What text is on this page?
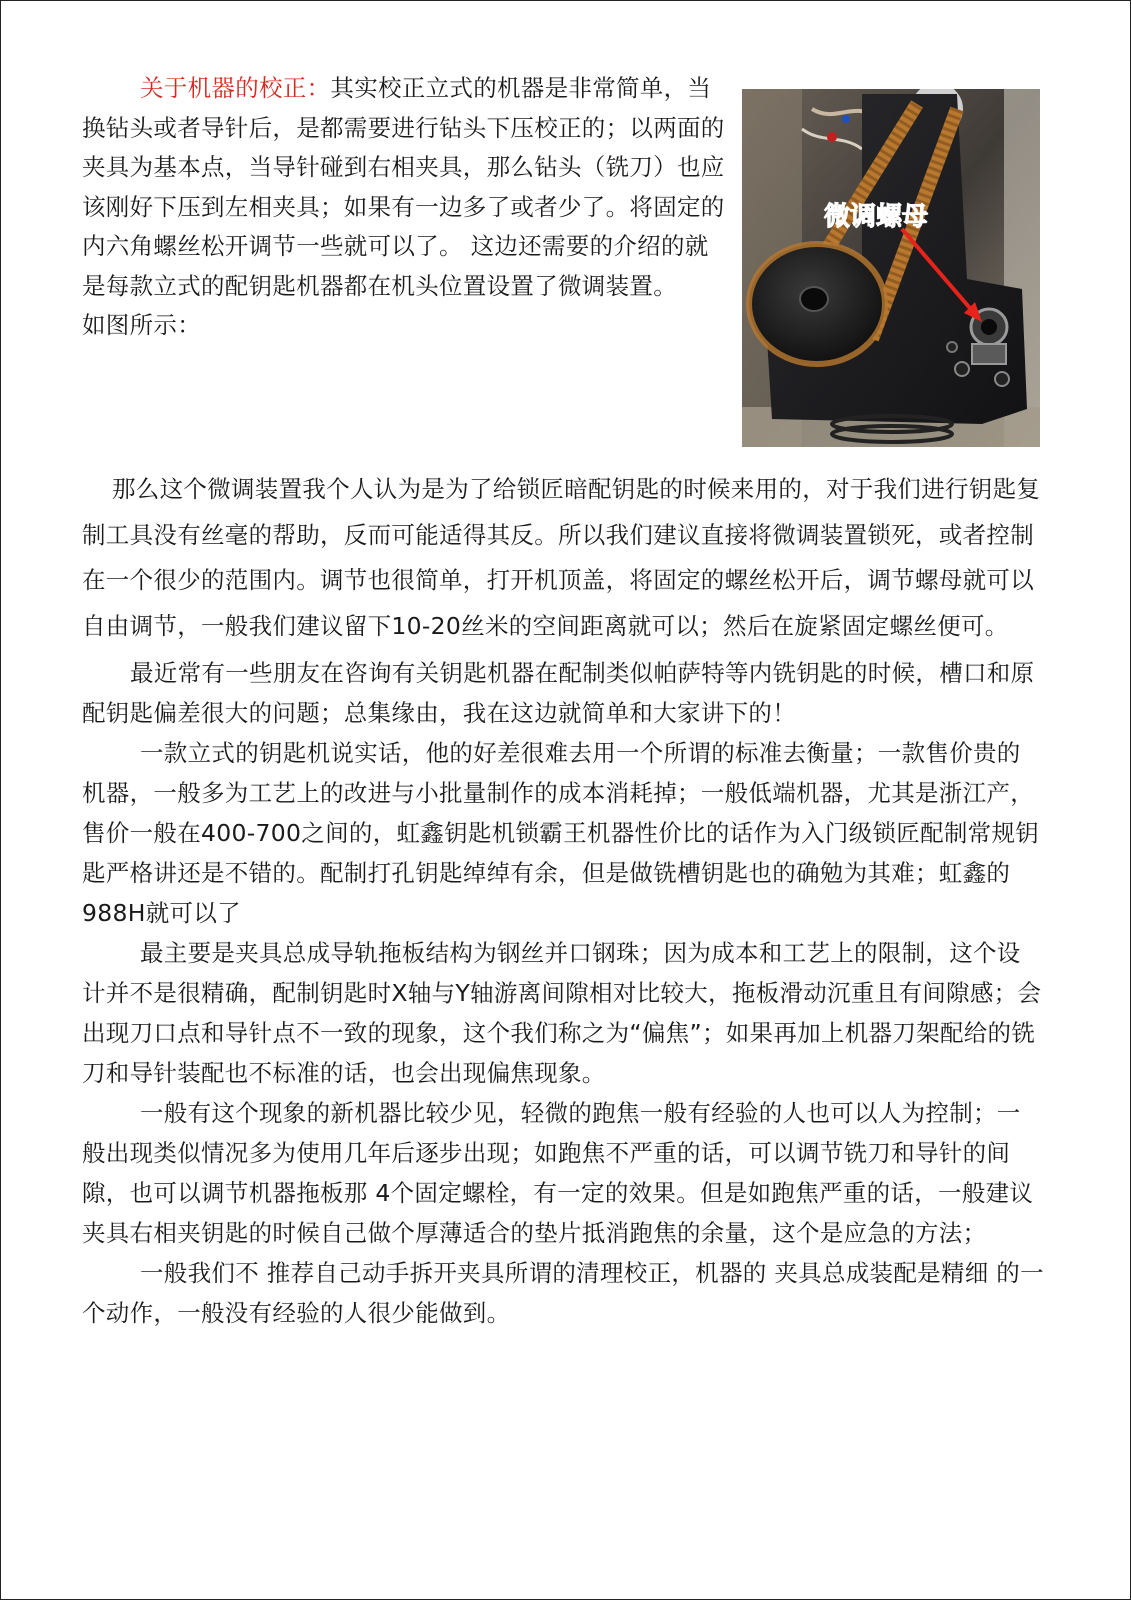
关于机器的校正：其实校正立式的机器是非常简单，当换钻头或者导针后，是都需要进行钻头下压校正的；以两面的夹具为基本点，当导针碰到右相夹具，那么钻头（铣刀）也应该刚好下压到左相夹具；如果有一边多了或者少了。将固定的内六角螺丝松开调节一些就可以了。 这边还需要的介绍的就是每款立式的配钥匙机器都在机头位置设置了微调装置。

如图所示：

微调螺母

那么这个微调装置我个人认为是为了给锁匠暗配钥匙的时候来用的，对于我们进行钥匙复制工具没有丝毫的帮助，反而可能适得其反。所以我们建议直接将微调装置锁死，或者控制在一个很少的范围内。调节也很简单，打开机顶盖，将固定的螺丝松开后，调节螺母就可以自由调节，一般我们建议留下10-20丝米的空间距离就可以；然后在旋紧固定螺丝便可。

最近常有一些朋友在咨询有关钥匙机器在配制类似帕萨特等内铣钥匙的时候，槽口和原配钥匙偏差很大的问题；总集缘由，我在这边就简单和大家讲下的！

一款立式的钥匙机说实话，他的好差很难去用一个所谓的标准去衡量；一款售价贵的机器，一般多为工艺上的改进与小批量制作的成本消耗掉；一般低端机器，尤其是浙江产，售价一般在400-700之间的，虹鑫钥匙机锁霸王机器性价比的话作为入门级锁匠配制常规钥匙严格讲还是不错的。配制打孔钥匙绰绰有余，但是做铣槽钥匙也的确勉为其难；虹鑫的988H就可以了

最主要是夹具总成导轨拖板结构为钢丝并口钢珠；因为成本和工艺上的限制，这个设计并不是很精确，配制钥匙时X轴与Y轴游离间隙相对比较大，拖板滑动沉重且有间隙感；会出现刀口点和导针点不一致的现象，这个我们称之为“偏焦”；如果再加上机器刀架配给的铣刀和导针装配也不标准的话，也会出现偏焦现象。

一般有这个现象的新机器比较少见，轻微的跑焦一般有经验的人也可以人为控制；一般出现类似情况多为使用几年后逐步出现；如跑焦不严重的话，可以调节铣刀和导针的间隙，也可以调节机器拖板那 4个固定螺栓，有一定的效果。但是如跑焦严重的话，一般建议夹具右相夹钥匙的时候自己做个厚薄适合的垫片抵消跑焦的余量，这个是应急的方法；

一般我们不 推荐自己动手拆开夹具所谓的清理校正，机器的 夹具总成装配是精细 的一个动作，一般没有经验的人很少能做到。
